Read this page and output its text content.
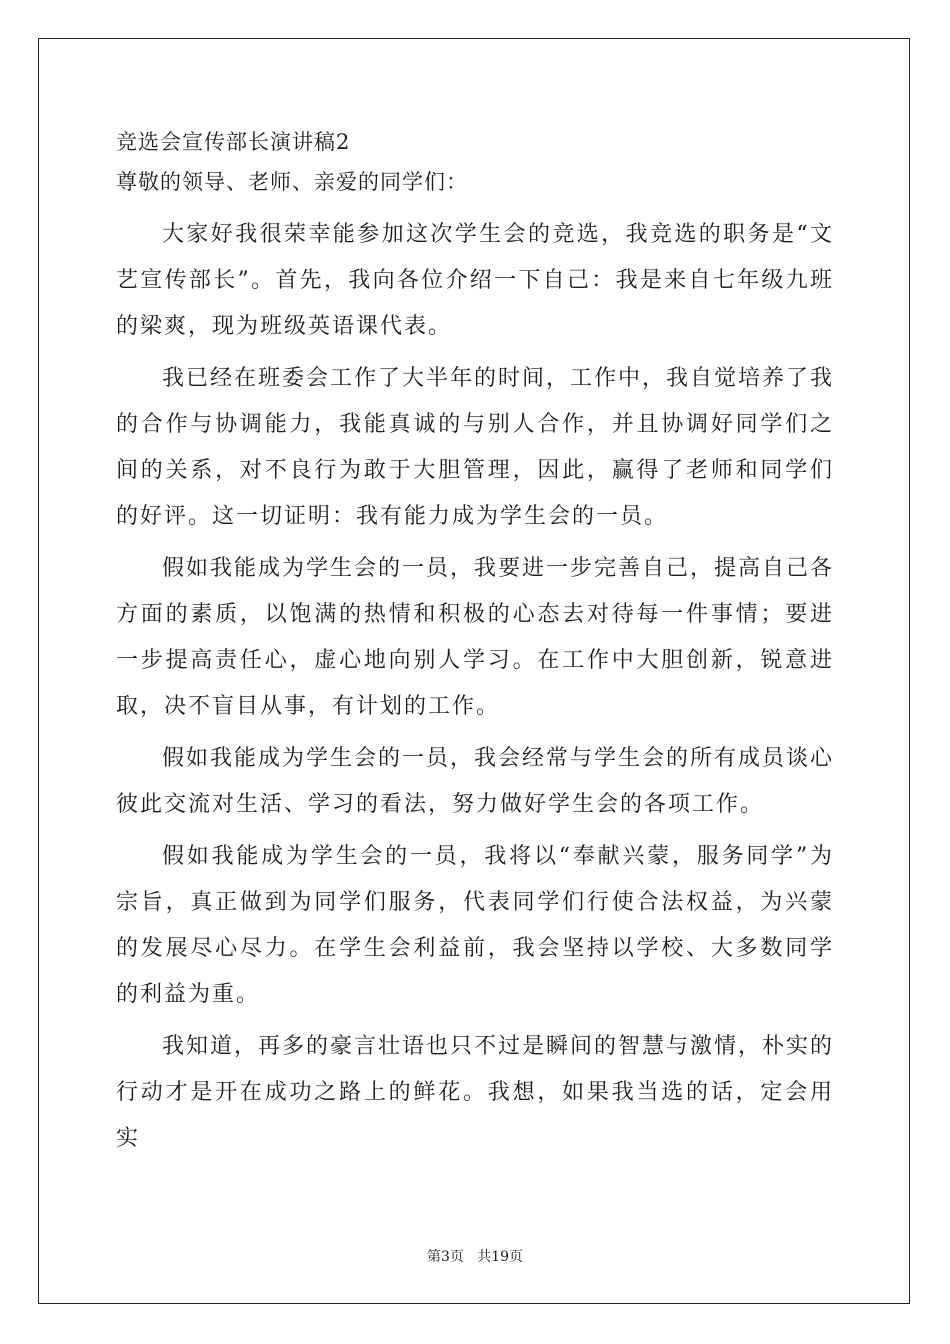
竞选会宣传部长演讲稿2
尊敬的领导、老师、亲爱的同学们：

大家好我很荣幸能参加这次学生会的竞选，我竞选的职务是“文艺宣传部长”。首先，我向各位介绍一下自己：我是来自七年级九班的梁爽，现为班级英语课代表。

我已经在班委会工作了大半年的时间，工作中，我自觉培养了我的合作与协调能力，我能真诚的与别人合作，并且协调好同学们之间的关系，对不良行为敢于大胆管理，因此，赢得了老师和同学们的好评。这一切证明：我有能力成为学生会的一员。

假如我能成为学生会的一员，我要进一步完善自己，提高自己各方面的素质，以饱满的热情和积极的心态去对待每一件事情；要进一步提高责任心，虚心地向别人学习。在工作中大胆创新，锐意进取，决不盲目从事，有计划的工作。

假如我能成为学生会的一员，我会经常与学生会的所有成员谈心彼此交流对生活、学习的看法，努力做好学生会的各项工作。

假如我能成为学生会的一员，我将以“奉献兴蒙，服务同学”为宗旨，真正做到为同学们服务，代表同学们行使合法权益，为兴蒙的发展尽心尽力。在学生会利益前，我会坚持以学校、大多数同学的利益为重。

我知道，再多的豪言壮语也只不过是瞬间的智慧与激情，朴实的行动才是开在成功之路上的鲜花。我想，如果我当选的话，定会用实

第3页   共19页
